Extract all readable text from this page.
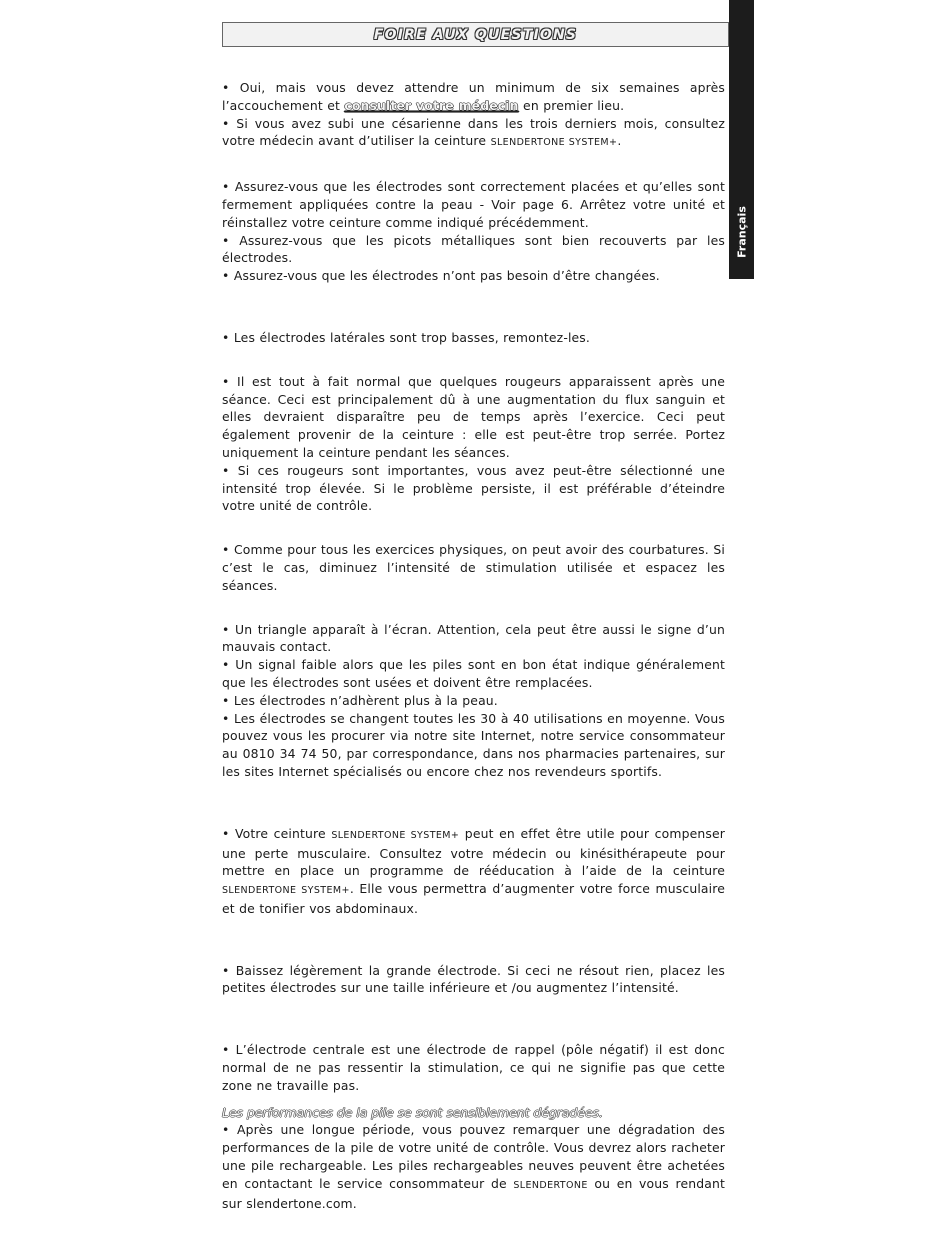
Français
FOIRE AUX QUESTIONS

• Oui, mais vous devez attendre un minimum de six semaines après l’accouchement et consulter votre médecin en premier lieu.

• Si vous avez subi une césarienne dans les trois derniers mois, consultez votre médecin avant d’utiliser la ceinture SLENDERTONE SYSTEM+.

• Assurez-vous que les électrodes sont correctement placées et qu’elles sont fermement appliquées contre la peau - Voir page 6. Arrêtez votre unité et réinstallez votre ceinture comme indiqué précédemment.

• Assurez-vous que les picots métalliques sont bien recouverts par les électrodes.

• Assurez-vous que les électrodes n’ont pas besoin d’être changées.

• Les électrodes latérales sont trop basses, remontez-les.

• Il est tout à fait normal que quelques rougeurs apparaissent après une séance. Ceci est principalement dû à une augmentation du flux sanguin et elles devraient disparaître peu de temps après l’exercice. Ceci peut également provenir de la ceinture : elle est peut-être trop serrée. Portez uniquement la ceinture pendant les séances.

• Si ces rougeurs sont importantes, vous avez peut-être sélectionné une intensité trop élevée. Si le problème persiste, il est préférable d’éteindre votre unité de contrôle.

• Comme pour tous les exercices physiques, on peut avoir des courbatures. Si c’est le cas, diminuez l’intensité de stimulation utilisée et espacez les séances.

• Un triangle apparaît à l’écran. Attention, cela peut être aussi le signe d’un mauvais contact.

• Un signal faible alors que les piles sont en bon état indique généralement que les électrodes sont usées et doivent être remplacées.

• Les électrodes n’adhèrent plus à la peau.

• Les électrodes se changent toutes les 30 à 40 utilisations en moyenne. Vous pouvez vous les procurer via notre site Internet, notre service consommateur au 0810 34 74 50, par correspondance, dans nos pharmacies partenaires, sur les sites Internet spécialisés ou encore chez nos revendeurs sportifs.

• Votre ceinture SLENDERTONE SYSTEM+ peut en effet être utile pour compenser une perte musculaire. Consultez votre médecin ou kinésithérapeute pour mettre en place un programme de rééducation à l’aide de la ceinture SLENDERTONE SYSTEM+. Elle vous permettra d’augmenter votre force musculaire et de tonifier vos abdominaux.

• Baissez légèrement la grande électrode. Si ceci ne résout rien, placez les petites électrodes sur une taille inférieure et /ou augmentez l’intensité.

• L’électrode centrale est une électrode de rappel (pôle négatif) il est donc normal de ne pas ressentir la stimulation, ce qui ne signifie pas que cette zone ne travaille pas.

Les performances de la pile se sont sensiblement dégradées.

• Après une longue période, vous pouvez remarquer une dégradation des performances de la pile de votre unité de contrôle. Vous devrez alors racheter une pile rechargeable. Les piles rechargeables neuves peuvent être achetées en contactant le service consommateur de SLENDERTONE ou en vous rendant sur slendertone.com.
